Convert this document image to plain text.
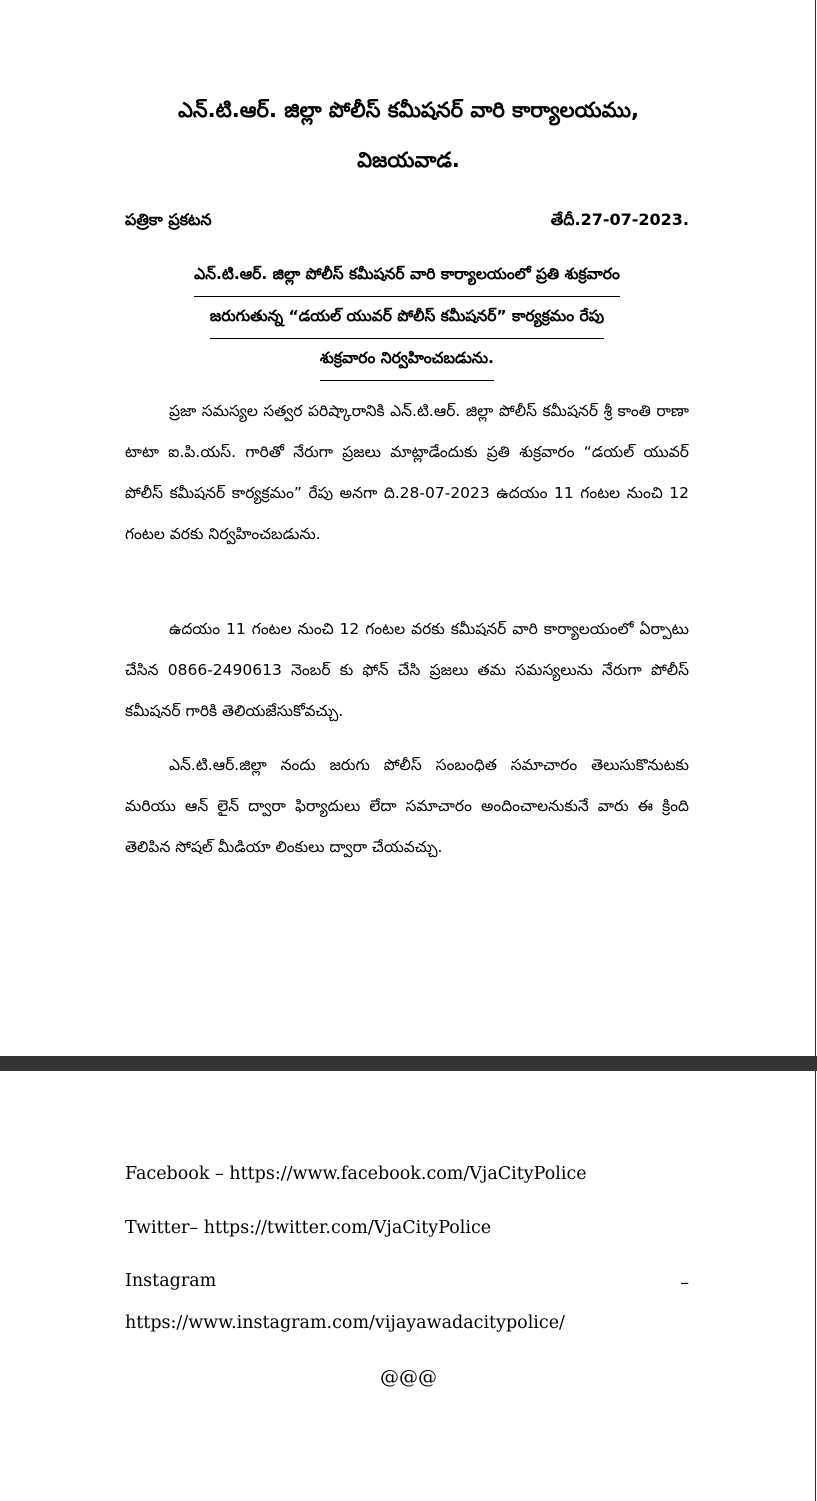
ఎన్.టి.ఆర్. జిల్లా పోలీస్ కమీషనర్ వారి కార్యాలయము,
విజయవాడ.
పత్రికా ప్రకటన	తేదీ.27-07-2023.
ఎన్.టి.ఆర్. జిల్లా పోలీస్ కమీషనర్ వారి కార్యాలయంలో ప్రతి శుక్రవారం
జరుగుతున్న “డయల్ యువర్ పోలీస్ కమీషనర్” కార్యక్రమం రేపు
శుక్రవారం నిర్వహించబడును.
ప్రజా సమస్యల సత్వర పరిష్కారానికి ఎన్.టి.ఆర్. జిల్లా పోలీస్ కమీషనర్ శ్రీ కాంతి రాణా టాటా ఐ.పి.యస్. గారితో నేరుగా ప్రజలు మాట్లాడేందుకు ప్రతి శుక్రవారం “డయల్ యువర్ పోలీస్ కమీషనర్ కార్యక్రమం” రేపు అనగా ది.28-07-2023 ఉదయం 11 గంటల నుంచి 12 గంటల వరకు నిర్వహించబడును.
ఉదయం 11 గంటల నుంచి 12 గంటల వరకు కమీషనర్ వారి కార్యాలయంలో ఏర్పాటు చేసిన 0866-2490613 నెంబర్ కు ఫోన్ చేసి ప్రజలు తమ సమస్యలును నేరుగా పోలీస్ కమీషనర్ గారికి తెలియజేసుకోవచ్చు.
ఎన్.టి.ఆర్.జిల్లా నందు జరుగు పోలీస్ సంబంధిత సమాచారం తెలుసుకొనుటకు మరియు ఆన్ లైన్ ద్వారా ఫిర్యాదులు లేదా సమాచారం అందించాలనుకునే వారు ఈ క్రింది తెలిపిన సోషల్ మీడియా లింకులు ద్వారా చేయవచ్చు.
Facebook – https://www.facebook.com/VjaCityPolice
Twitter– https://twitter.com/VjaCityPolice
Instagram	–
https://www.instagram.com/vijayawadacitypolice/
@@@
